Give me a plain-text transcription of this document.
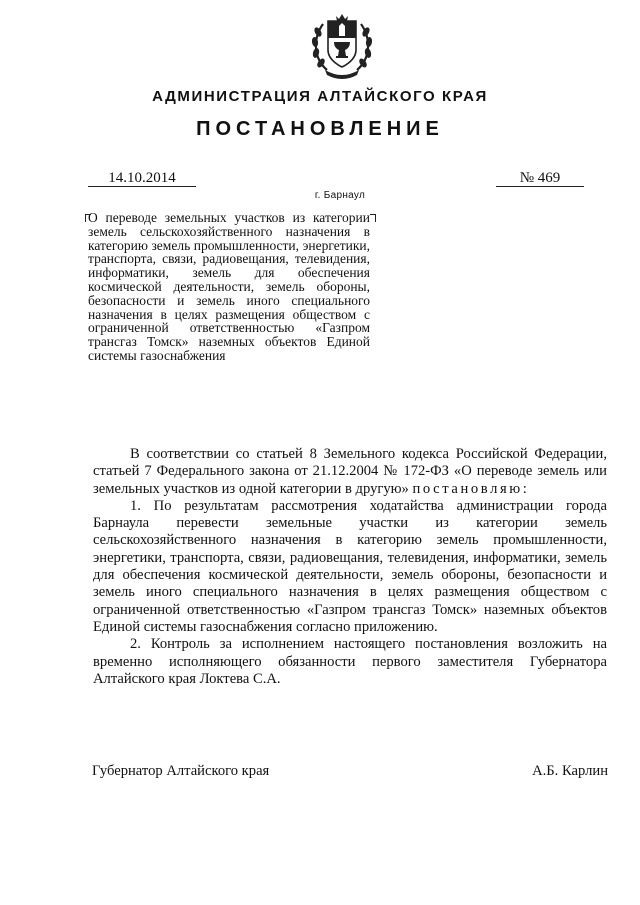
АДМИНИСТРАЦИЯ АЛТАЙСКОГО КРАЯ
ПОСТАНОВЛЕНИЕ
14.10.2014	№ 469
г. Барнаул

О переводе земельных участков из категории земель сельскохозяйственного назначения в категорию земель промышленности, энергетики, транспорта, связи, радиовещания, телевидения, информатики, земель для обеспечения космической деятельности, земель обороны, безопасности и земель иного специального назначения в целях размещения обществом с ограниченной ответственностью «Газпром трансгаз Томск» наземных объектов Единой системы газоснабжения

В соответствии со статьей 8 Земельного кодекса Российской Федерации, статьей 7 Федерального закона от 21.12.2004 № 172-ФЗ «О переводе земель или земельных участков из одной категории в другую» постановляю:

1. По результатам рассмотрения ходатайства администрации города Барнаула перевести земельные участки из категории земель сельскохозяйственного назначения в категорию земель промышленности, энергетики, транспорта, связи, радиовещания, телевидения, информатики, земель для обеспечения космической деятельности, земель обороны, безопасности и земель иного специального назначения в целях размещения обществом с ограниченной ответственностью «Газпром трансгаз Томск» наземных объектов Единой системы газоснабжения согласно приложению.

2. Контроль за исполнением настоящего постановления возложить на временно исполняющего обязанности первого заместителя Губернатора Алтайского края Локтева С.А.

Губернатор Алтайского края	А.Б. Карлин
